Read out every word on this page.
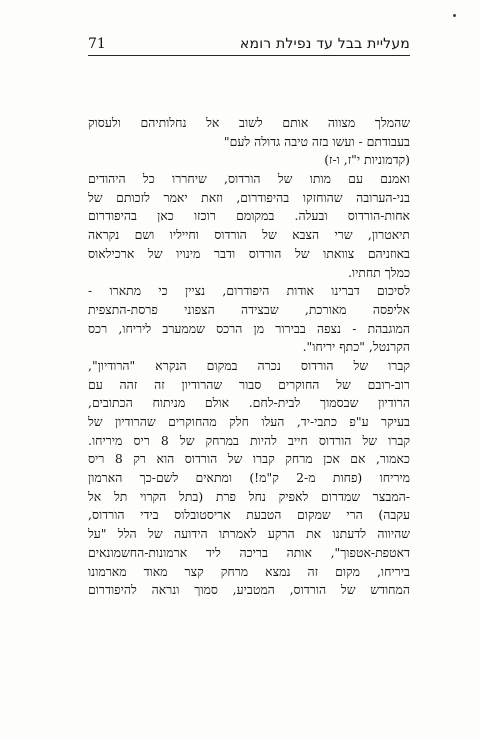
מעליית בבל עד נפילת רומא
71
שהמלך מצווה אותם לשוב אל נחלותיהם ולעסוק
בעבודתם - ועשו בזה טיבה גדולה לעם"
(קדמוניות י"ז, ו-ז)
ואמנם עם מותו של הורדוס, שיחררו כל היהודים
בני-הערובה שהוחזקו בהיפודרום, וזאת יאמר לזכותם של
אחות-הורדוס ובעלה. במקומם רוכזו כאן בהיפודרום
תיאטרון, שרי הצבא של הורדוס וחייליו ושם נקראה
באוזניהם צוואתו של הורדוס ודבר מינויו של ארכילאוס
כמלך תחתיו.
לסיכום דברינו אודות היפודרום, נציין כי מתארו -
אליפסה מאורכת, שבצידה הצפוני פרסת-התצפית
המוגבהת - נצפה בבירור מן הרכס שממערב ליריחו, רכס
הקרנטל, "כתף יריחו".
קברו של הורדוס נכרה במקום הנקרא "הרודיון",
רוב-רובם של החוקרים סבור שהרודיון זה זהה עם
הרודיון שבסמוך לבית-לחם. אולם מניתוח הכתובים,
בעיקר ע"פ כתבי-יד, העלו חלק מהחוקרים שהרודיון של
קברו של הורדוס חייב להיות במרחק של 8 ריס מיריחו.
כאמור, אם אכן מרחק קברו של הורדוס הוא רק 8 ריס
מיריחו (פחות מ-2 ק"מ!) ומתאים לשם-כך הארמון
-המבצר שמדרום לאפיק נחל פרת (בתל הקרוי תל אל
עקבה) הרי שמקום הטבעת אריסטובלוס בידי הורדוס,
שהיווה לדעתנו את הרקע לאמרתו הידועה של הלל "על
דאטפת-אטפוך", אותה בריכה ליד ארמונות-החשמונאים
ביריחו, מקום זה נמצא מרחק קצר מאוד מארמונו
המחודש של הורדוס, המטביע, סמוך ונראה להיפודרום
